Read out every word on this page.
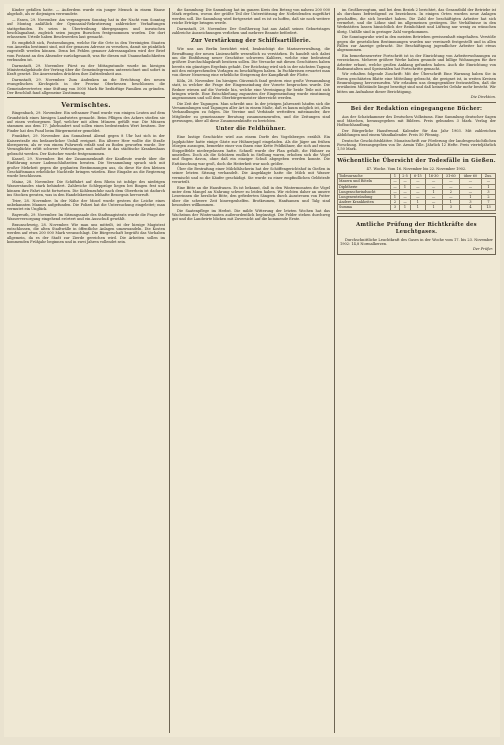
Kinder gefallen hatte. — Außerdem wurde ein junger Mensch in einem Hause abgeholt, als er diejenigen verwundete.

— Essen, 29. November. Am vergangenen Sonntag hat in der Nacht vom Sonntag auf Montag anläßlich der Gymnasial-Rekrutierung zahlreicher Verhaftungen stattgefunden. Es seien in Übertreibung übergegangen und inzwischen beschlagnahmt, zugleich seien jungen Burschen festgenommen worden. Die dort erlassenen Urteile haben Beschwerden laut gemacht.

Es empfiehlt sich, Postsendungen, welche für die Orte in den Vereinigten Staaten von Amerika bestimmt sind, mit der genauen Adresse zu versehen, damit sie pünktlich zugestellt werden können. Denn bei Fehlen genauer Adressangaben wird der Brief vom Postamt an den Absender zurückgesandt, was für diesen mit Unannehmlichkeiten verbunden ist.

Darmstadt, 29. November. Fürst zu der Mittagsstunde wurde im hiesigen Ministerialgebäude der Vertrag über die Gemeindegrenzen unterzeichnet und sofort in Kraft gesetzt. Die Anwesenden drückten ihre Zufriedenheit aus.

Darmstadt, 29. November. Zum Andenken an die Errichtung des neuen evangelischen Kirchspiels in der Provinz Oberhessen beschlossen die Gemeindevertreter, eine Stiftung von 5000 Mark für bedürftige Familien zu gründen. Der Beschluß fand allgemeine Zustimmung.

Vermischtes.

Ringenbach, 29. November. Ein seltsamer Fund wurde von einigen Leuten auf dem Grundstück eines hiesigen Landwirtes gemacht. Beim Pflügen des Ackers stießen sie auf einen verborgenen Topf, welcher mit alten Münzen gefüllt war. Die Münzen stammen aus dem 17. Jahrhundert und sollen einen bedeutenden Wert besitzen. Der Finder hat den Fund beim Bürgermeister gemeldet.

Frankfurt, 29. November. Am Sonnabend Abend gegen 8 Uhr hat sich in der Kaiserstraße ein bedauerlicher Unfall ereignet. Ein älterer Herr wollte die Straße überqueren, als er von einem Fuhrwerk erfaßt und zu Boden geworfen wurde. Der Verunglückte erlitt schwere Verletzungen und mußte in das städtische Krankenhaus gebracht werden. Der Kutscher wurde festgenommen.

Kassel, 29. November. Bei der Zusammenkunft der Kaufleute wurde über die Einführung neuer Ladenschlußzeiten beraten. Die Versammlung sprach sich mit großer Mehrheit gegen die geplanten Bestimmungen aus, da diese für den kleinen Geschäftsmann erhebliche Nachteile bringen würden. Eine Eingabe an die Regierung wurde beschlossen.

Mainz, 28. November. Die Schiffahrt auf dem Rhein ist infolge des niedrigen Wasserstandes stark behindert. Zahlreiche Schleppzüge liegen bei Bingen fest und können ihre Fahrt nicht fortsetzen. Die Kohlenzufuhr nach dem Oberrhein ist dadurch ins Stocken geraten, was in den Handelskreisen lebhafte Besorgnis hervorruft.

Trier, 28. November. In der Nähe der Mosel wurde gestern die Leiche eines unbekannten Mannes aufgefunden. Die Polizei hat die Untersuchung eingeleitet; man vermutet ein Unglück.

Bayreuth, 29. November. Im Sitzungssaale des Stadtmagistrats wurde die Frage der Wasserversorgung eingehend erörtert und ein Ausschuß gewählt.

Braunschweig, 28. November. Wie man uns mitteilt, ist der hiesige Magistrat entschlossen, die alten Stadtwälle in öffentliche Anlagen umzuwandeln. Die Kosten werden auf etwa 200 000 Mark veranschlagt. Die Bürgerschaft begrüßt das Vorhaben allgemein, da es der Stadt zur Zierde gereichen wird. Die Arbeiten sollen im kommenden Frühjahr beginnen und in zwei Jahren vollendet sein.

die Sammlung: Die Sammlung hat im ganzen Kreis den Betrag von nahezu 200 000 Mark ergeben, wovon der größte Teil der Unterstützung der Notleidenden zugeführt werden soll. Die Sammlung wird fortgesetzt und es ist zu hoffen, daß sie noch weitere reiche Erträge bringen werde.

Darmstadt, 29. November. Der Großherzog hat aus Anlaß seines Geburtstages zahlreiche Auszeichnungen verliehen und mehrere Beamte befördert.

Zur Verstärkung der Schiffsartillerie.

Wie uns aus Berlin berichtet wird, beabsichtigt die Marineverwaltung, die Bewaffnung der neuen Linienschiffe wesentlich zu verstärken. Es handelt sich dabei um die Einführung neuer Geschütze schweren Kalibers, welche eine bedeutend größere Durchschlagskraft besitzen sollen. Die Versuche mit diesen Geschützen haben bereits ein günstiges Ergebnis gehabt. Der Reichstag wird sich in der nächsten Tagung mit den entsprechenden Vorlagen zu beschäftigen haben. In Fachkreisen erwartet man von dieser Neuerung eine erhebliche Steigerung der Kampfkraft der Flotte.

Köln, 28. November. Im hiesigen Gürzenich fand gestern eine große Versammlung statt, in welcher die Frage der Eingemeindung der Vororte besprochen wurde. Die Redner wiesen auf die Vorteile hin, welche eine Vereinigung für beide Teile mit sich bringen würde. Eine Entschließung zugunsten der Eingemeindung wurde einstimmig angenommen und soll dem Oberbürgermeister überreicht werden.

Die Zeit der Tagungen. Man schreibt uns: In der jetzigen Jahreszeit häufen sich die Versammlungen und Tagungen aller Art in einem Maße, daß es kaum möglich ist, allen Verhandlungen zu folgen. Die Vereine und Verbände wetteifern miteinander, ihre Mitglieder zu gemeinsamer Beratung zusammenzurufen, und die Zeitungen sind gezwungen, über all diese Zusammenkünfte zu berichten.

Unter die Feldhühner.

Eine lustige Geschichte wird aus einem Dorfe des Vogelsberges erzählt. Ein Jagdpächter hatte einige Gäste zur Hühnerjagd eingeladen. Als die Jäger am frühen Morgen auszogen, bemerkte einer von ihnen eine Kette Feldhühner, die sich auf einem Stoppelfelde niedergelassen hatte. Schnell wurde der Plan gefaßt, die Hühner zu umstellen. Doch als die Schützen endlich in Stellung waren, erhoben sich die Vögel und flogen davon, ohne daß ein einziger Schuß abgegeben werden konnte. Die Enttäuschung war groß, doch die Heiterkeit war noch größer.

Über die Bestrafung einer Milchfälscherin hat der Schöffengerichtshof in Gießen in seiner letzten Sitzung verhandelt. Die Angeklagte hatte die Milch mit Wasser vermischt und so die Käufer geschädigt. Sie wurde zu einer empfindlichen Geldstrafe verurteilt.

Eine Bitte an die Hausfrauen. Es ist bekannt, daß in den Wintermonaten die Vögel unter dem Mangel an Nahrung schwer zu leiden haben. Wir richten daher an unsere Leserinnen die herzliche Bitte, den gefiederten Sängern durch Ausstreuen von Futter über die schwere Zeit hinwegzuhelfen. Brotkrumen, Hanfsamen und Talg sind besonders willkommen.

Die Saatenpflege im Herbst. Die milde Witterung der letzten Wochen hat das Wachstum der Wintersaaten außerordentlich begünstigt. Die Felder stehen durchweg gut und die Landwirte blicken mit Zuversicht auf die kommende Ernte.

im Großherzogtum, und bei dem Bezirk 2 berichtet, das Gesamtbild der Betriebe ist als durchaus befriedigend zu bezeichnen. In einigen Orten wurden neue Anlagen geschaffen, die sich bewährt haben. Die Zahl der beschäftigten Arbeiter hat sich vermehrt, und die Löhne sind im allgemeinen gestiegen. Die Verhältnisse in den Werkstätten lassen hinsichtlich der Reinlichkeit und Lüftung nur wenig zu wünschen übrig. Unfälle sind in geringer Zahl vorgekommen.

Die Sonntagsruhe wird in den meisten Betrieben gewissenhaft eingehalten. Verstöße gegen die gesetzlichen Bestimmungen wurden nur vereinzelt festgestellt und in allen Fällen zur Anzeige gebracht. Die Beschäftigung jugendlicher Arbeiter hat etwas abgenommen.

Ein bemerkenswerter Fortschritt ist in der Einrichtung von Arbeiterwohnungen zu verzeichnen. Mehrere größere Werke haben gesunde und billige Wohnungen für ihre Arbeiter erbaut, welche großen Anklang gefunden haben. Auch die Einrichtung von Badeanstalten und Speisesälen hat Fortschritte gemacht.

Wir erhalten folgende Zuschrift: Mit der Überschrift Eine Warnung haben Sie in Ihrem geschätzten Blatte eine Mitteilung gebracht, die geeignet ist, in weiten Kreisen Beunruhigung hervorzurufen. Wir erlauben uns demgegenüber festzustellen, daß die erwähnten Mißstände längst beseitigt sind und daß keinerlei Gefahr mehr besteht. Wir bitten um Aufnahme dieser Berichtigung.

Die Direktion.
Bei der Redaktion eingegangene Bücher:

Aus der Schatzkammer des Deutschen Volkstums. Eine Sammlung deutscher Sagen und Märchen, herausgegeben mit Bildern. Preis gebunden 3 Mark. Verlag der Hofbuchhandlung.

Der Bürgerliche Hausfreund. Kalender für das Jahr 1903. Mit zahlreichen Abbildungen und einem Wandkalender. Preis 50 Pfennig.

Deutsche Geschichtsblätter. Monatsschrift zur Förderung der landesgeschichtlichen Forschung. Herausgegeben von Dr. Armin Tille. Jährlich 12 Hefte. Preis vierteljährlich 1,50 Mark.

Wöchentliche Übersicht der Todesfälle in Gießen.
47. Woche. Vom 16. November bis 22. November 1902.
Todesursache	1	2-5	6-15	16-30	31-60	über 60	Zus.
Masern und Röteln	—	—	—	—	—	—	—
Diphtherie	—	1	—	—	—	—	1
Lungenschwindsucht	—	—	—	1	2	—	3
Lungenentzündung	1	—	—	—	—	1	2
Andere Krankheiten	2	—	1	—	1	3	7
Summa	3	1	1	1	3	4	13
Amtliche Prüfung der Richtkräfte des Leuchtgases.

Durchschnittliche Leuchtkraft des Gases in der Woche vom 17. bis 23. November 1902: 14,8 Normalkerzen.

Der Prüfer.
